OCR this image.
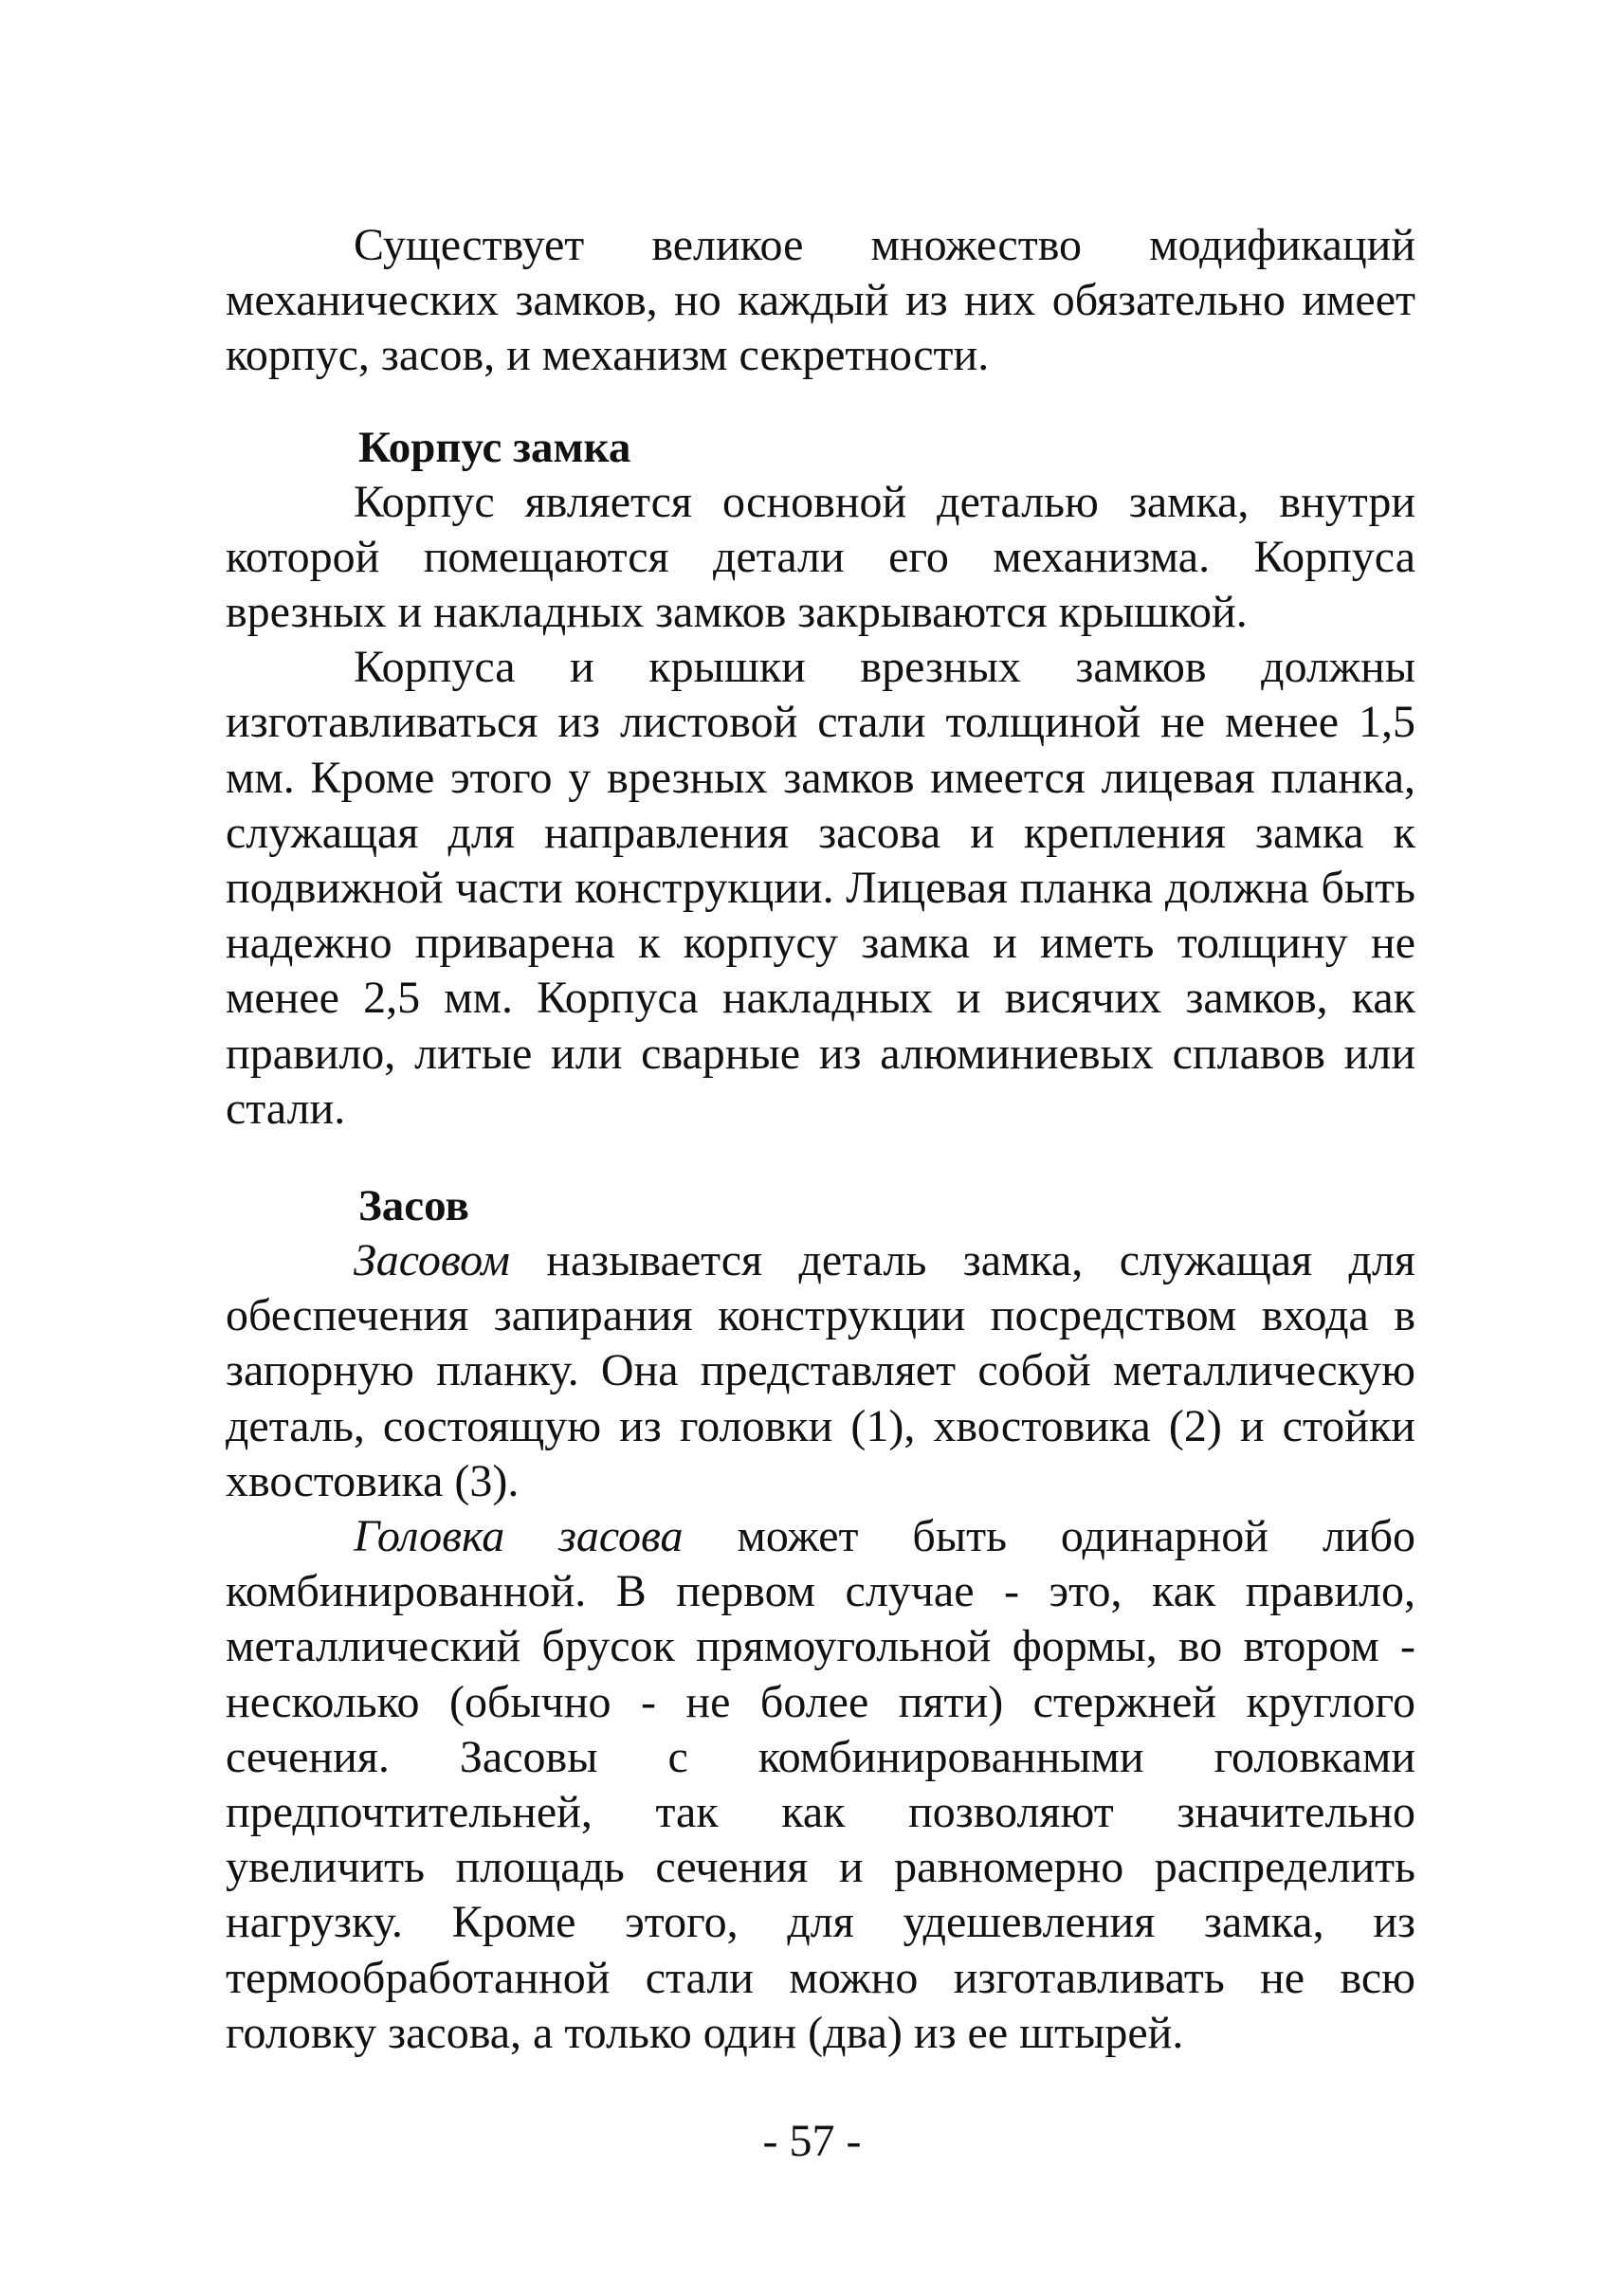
Существует великое множество модификаций механических замков, но каждый из них обязательно имеет корпус, засов, и механизм секретности.

Корпус замка

Корпус является основной деталью замка, внутри которой помещаются детали его механизма. Корпуса врезных и накладных замков закрываются крышкой.

Корпуса и крышки врезных замков должны изготавливаться из листовой стали толщиной не менее 1,5 мм. Кроме этого у врезных замков имеется лицевая планка, служащая для направления засова и крепления замка к подвижной части конструкции. Лицевая планка должна быть надежно приварена к корпусу замка и иметь толщину не менее 2,5 мм. Корпуса накладных и висячих замков, как правило, литые или сварные из алюминиевых сплавов или стали.

Засов

Засовом называется деталь замка, служащая для обеспечения запирания конструкции посредством входа в запорную планку. Она представляет собой металлическую деталь, состоящую из головки (1), хвостовика (2) и стойки хвостовика (3).

Головка засова может быть одинарной либо комбинированной. В первом случае - это, как правило, металлический брусок прямоугольной формы, во втором - несколько (обычно - не более пяти) стержней круглого сечения. Засовы с комбинированными головками предпочтительней, так как позволяют значительно увеличить площадь сечения и равномерно распределить нагрузку. Кроме этого, для удешевления замка, из термообработанной стали можно изготавливать не всю головку засова, а только один (два) из ее штырей.

- 57 -
